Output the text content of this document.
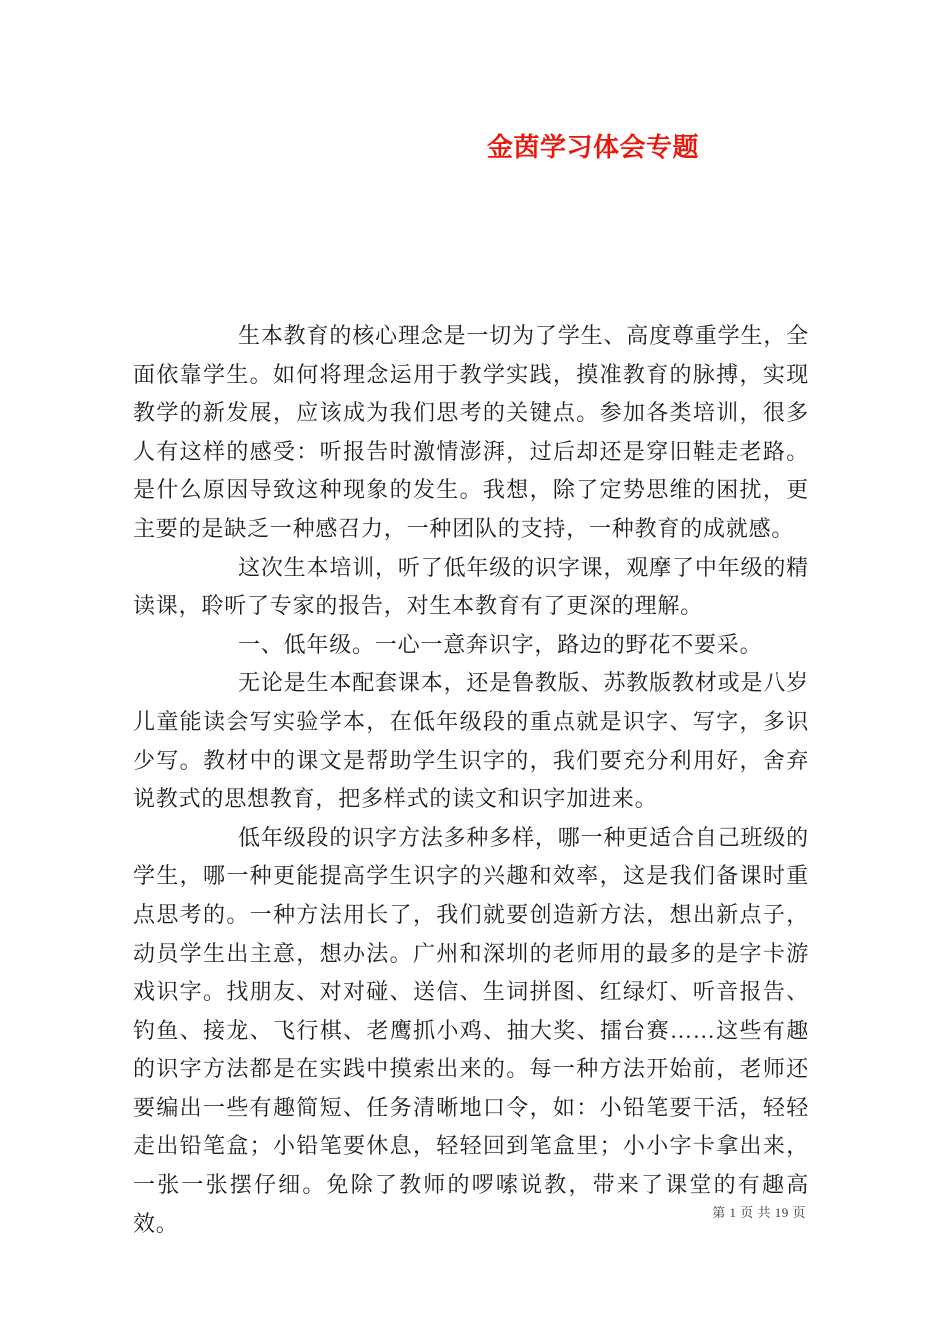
金茵学习体会专题

生本教育的核心理念是一切为了学生、高度尊重学生，全面依靠学生。如何将理念运用于教学实践，摸准教育的脉搏，实现教学的新发展，应该成为我们思考的关键点。参加各类培训，很多人有这样的感受：听报告时激情澎湃，过后却还是穿旧鞋走老路。是什么原因导致这种现象的发生。我想，除了定势思维的困扰，更主要的是缺乏一种感召力，一种团队的支持，一种教育的成就感。

这次生本培训，听了低年级的识字课，观摩了中年级的精读课，聆听了专家的报告，对生本教育有了更深的理解。

一、低年级。一心一意奔识字，路边的野花不要采。

无论是生本配套课本，还是鲁教版、苏教版教材或是八岁儿童能读会写实验学本，在低年级段的重点就是识字、写字，多识少写。教材中的课文是帮助学生识字的，我们要充分利用好，舍弃说教式的思想教育，把多样式的读文和识字加进来。

低年级段的识字方法多种多样，哪一种更适合自己班级的学生，哪一种更能提高学生识字的兴趣和效率，这是我们备课时重点思考的。一种方法用长了，我们就要创造新方法，想出新点子，动员学生出主意，想办法。广州和深圳的老师用的最多的是字卡游戏识字。找朋友、对对碰、送信、生词拼图、红绿灯、听音报告、钓鱼、接龙、飞行棋、老鹰抓小鸡、抽大奖、擂台赛……这些有趣的识字方法都是在实践中摸索出来的。每一种方法开始前，老师还要编出一些有趣简短、任务清晰地口令，如：小铅笔要干活，轻轻走出铅笔盒；小铅笔要休息，轻轻回到笔盒里；小小字卡拿出来，一张一张摆仔细。免除了教师的啰嗦说教，带来了课堂的有趣高效。	第 1 页 共 19 页
